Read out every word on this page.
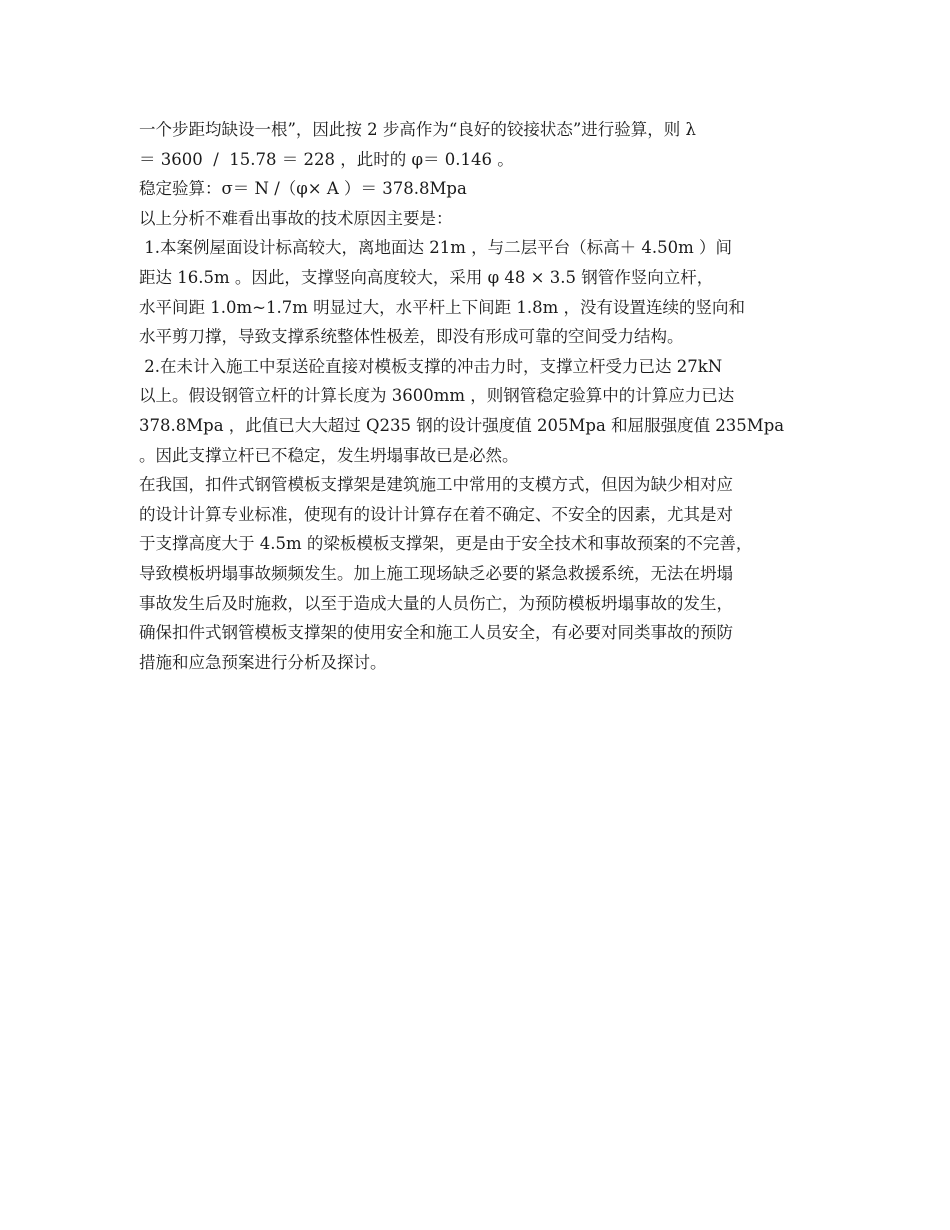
一个步距均缺设一根”，因此按 2 步高作为“良好的铰接状态”进行验算，则 λ
＝ 3600  /  15.78 ＝ 228 ，此时的 φ＝ 0.146 。
稳定验算：σ＝ N /（φ× A ）＝ 378.8Mpa
以上分析不难看出事故的技术原因主要是：
1.本案例屋面设计标高较大，离地面达 21m ，与二层平台（标高＋ 4.50m ）间
距达 16.5m 。因此，支撑竖向高度较大，采用 φ 48 × 3.5 钢管作竖向立杆，
水平间距 1.0m~1.7m 明显过大，水平杆上下间距 1.8m ，没有设置连续的竖向和
水平剪刀撑，导致支撑系统整体性极差，即没有形成可靠的空间受力结构。
2.在未计入施工中泵送砼直接对模板支撑的冲击力时，支撑立杆受力已达 27kN
以上。假设钢管立杆的计算长度为 3600mm ，则钢管稳定验算中的计算应力已达
378.8Mpa ，此值已大大超过 Q235 钢的设计强度值 205Mpa 和屈服强度值 235Mpa
。因此支撑立杆已不稳定，发生坍塌事故已是必然。
在我国，扣件式钢管模板支撑架是建筑施工中常用的支模方式，但因为缺少相对应
的设计计算专业标准，使现有的设计计算存在着不确定、不安全的因素，尤其是对
于支撑高度大于 4.5m 的梁板模板支撑架，更是由于安全技术和事故预案的不完善，
导致模板坍塌事故频频发生。加上施工现场缺乏必要的紧急救援系统，无法在坍塌
事故发生后及时施救，以至于造成大量的人员伤亡，为预防模板坍塌事故的发生，
确保扣件式钢管模板支撑架的使用安全和施工人员安全，有必要对同类事故的预防
措施和应急预案进行分析及探讨。
